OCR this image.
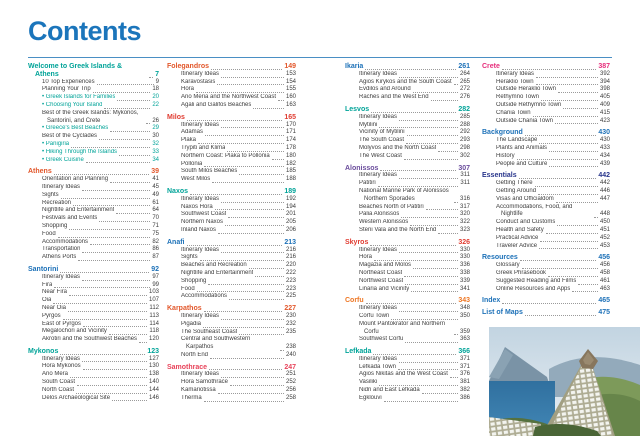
Contents
Welcome to Greek Islands & Athens	7
10 Top Experiences	9
Planning Your Trip	18
• Greek Islands for Families	20
• Choosing Your Island	22
Best of the Greek Islands: Mykonos, Santorini, and Crete	26
• Greece's Best Beaches	29
Best of the Cyclades	30
• Panigiria	32
• Hiking Through the Islands	33
• Greek Cuisine	34
Athens	39
Orientation and Planning	41
Itinerary Ideas	45
Sights	49
Recreation	61
Nightlife and Entertainment	64
Festivals and Events	70
Shopping	71
Food	75
Accommodations	82
Transportation	86
Athens Ports	87
Santorini	92
Itinerary Ideas	97
Fira	99
Near Fira	103
Oia	107
Near Oia	112
Pyrgos	113
East of Pyrgos	114
Megalochori and Vicinity	118
Akrotiri and the Southwest Beaches 120
Mykonos	123
Itinerary Ideas	127
Hora Mykonos	130
Ano Mera	138
South Coast	140
North Coast	144
Delos Archaeological Site	146
Folegandros	149
Itinerary Ideas	153
Karavostasis	154
Hora	155
Ano Meria and the Northwest Coast 160
Agali and Galifos Beaches	163
Milos	165
Itinerary Ideas	170
Adamas	171
Plaka	174
Trypiti and Klima	178
Northern Coast: Plaka to Pollonia	180
Pollonia	182
South Milos Beaches	185
West Milos	188
Naxos	189
Itinerary Ideas	192
Naxos Hora	194
Southwest Coast	201
Northern Naxos	205
Inland Naxos	206
Anafi	213
Itinerary Ideas	216
Sights	216
Beaches and Recreation	220
Nightlife and Entertainment	222
Shopping	223
Food	223
Accommodations	225
Karpathos	227
Itinerary Ideas	230
Pigadia	232
The Southeast Coast	235
Central and Southwestern Karpathos	238
North End	240
Samothrace	247
Itinerary Ideas	251
Hora Samothrace	252
Kamariotissa	256
Therma	258
Ikaria	261
Itinerary Ideas	264
Agios Kirykos and the South Coast 265
Evdilos and Around	272
Raches and the West End	276
Lesvos	282
Itinerary Ideas	285
Mytilini	288
Vicinity of Mytilini	292
The South Coast	293
Molyvos and the North Coast	298
The West Coast	302
Alonissos	307
Itinerary Ideas	311
Patitiri	311
National Marine Park of Alonissos Northern Sporades	316
Beaches North of Patitiri	317
Palia Alonissos	320
Western Alonissos	322
Steni Vala and the North End	323
Skyros	326
Itinerary Ideas	330
Hora	330
Magazia and Molos	336
Northeast Coast	338
Northwest Coast	339
Linaria and Vicinity	341
Corfu	343
Itinerary Ideas	348
Corfu Town	350
Mount Pantokrator and Northern Corfu	359
Southwest Corfu	363
Lefkada	366
Itinerary Ideas	371
Lefkada Town	371
Agios Nikitas and the West Coast 376
Vasiliki	381
Nidri and East Lefkada	382
Egklouvi	386
Crete	387
Itinerary Ideas	392
Heraklio Town	394
Outside Heraklio Town	398
Rethymno Town	405
Outside Rethymno Town	409
Chania Town	415
Outside Chania Town	423
Background	430
The Landscape	430
Plants and Animals	433
History	434
People and Culture	439
Essentials	442
Getting There	442
Getting Around	446
Visas and Officialdom	447
Accommodations, Food, and Nightlife	448
Conduct and Customs	450
Health and Safety	451
Practical Advice	452
Traveler Advice	453
Resources	456
Glossary	456
Greek Phrasebook	458
Suggested Reading and Films	461
Online Resources and Apps	463
Index	465
List of Maps	475
